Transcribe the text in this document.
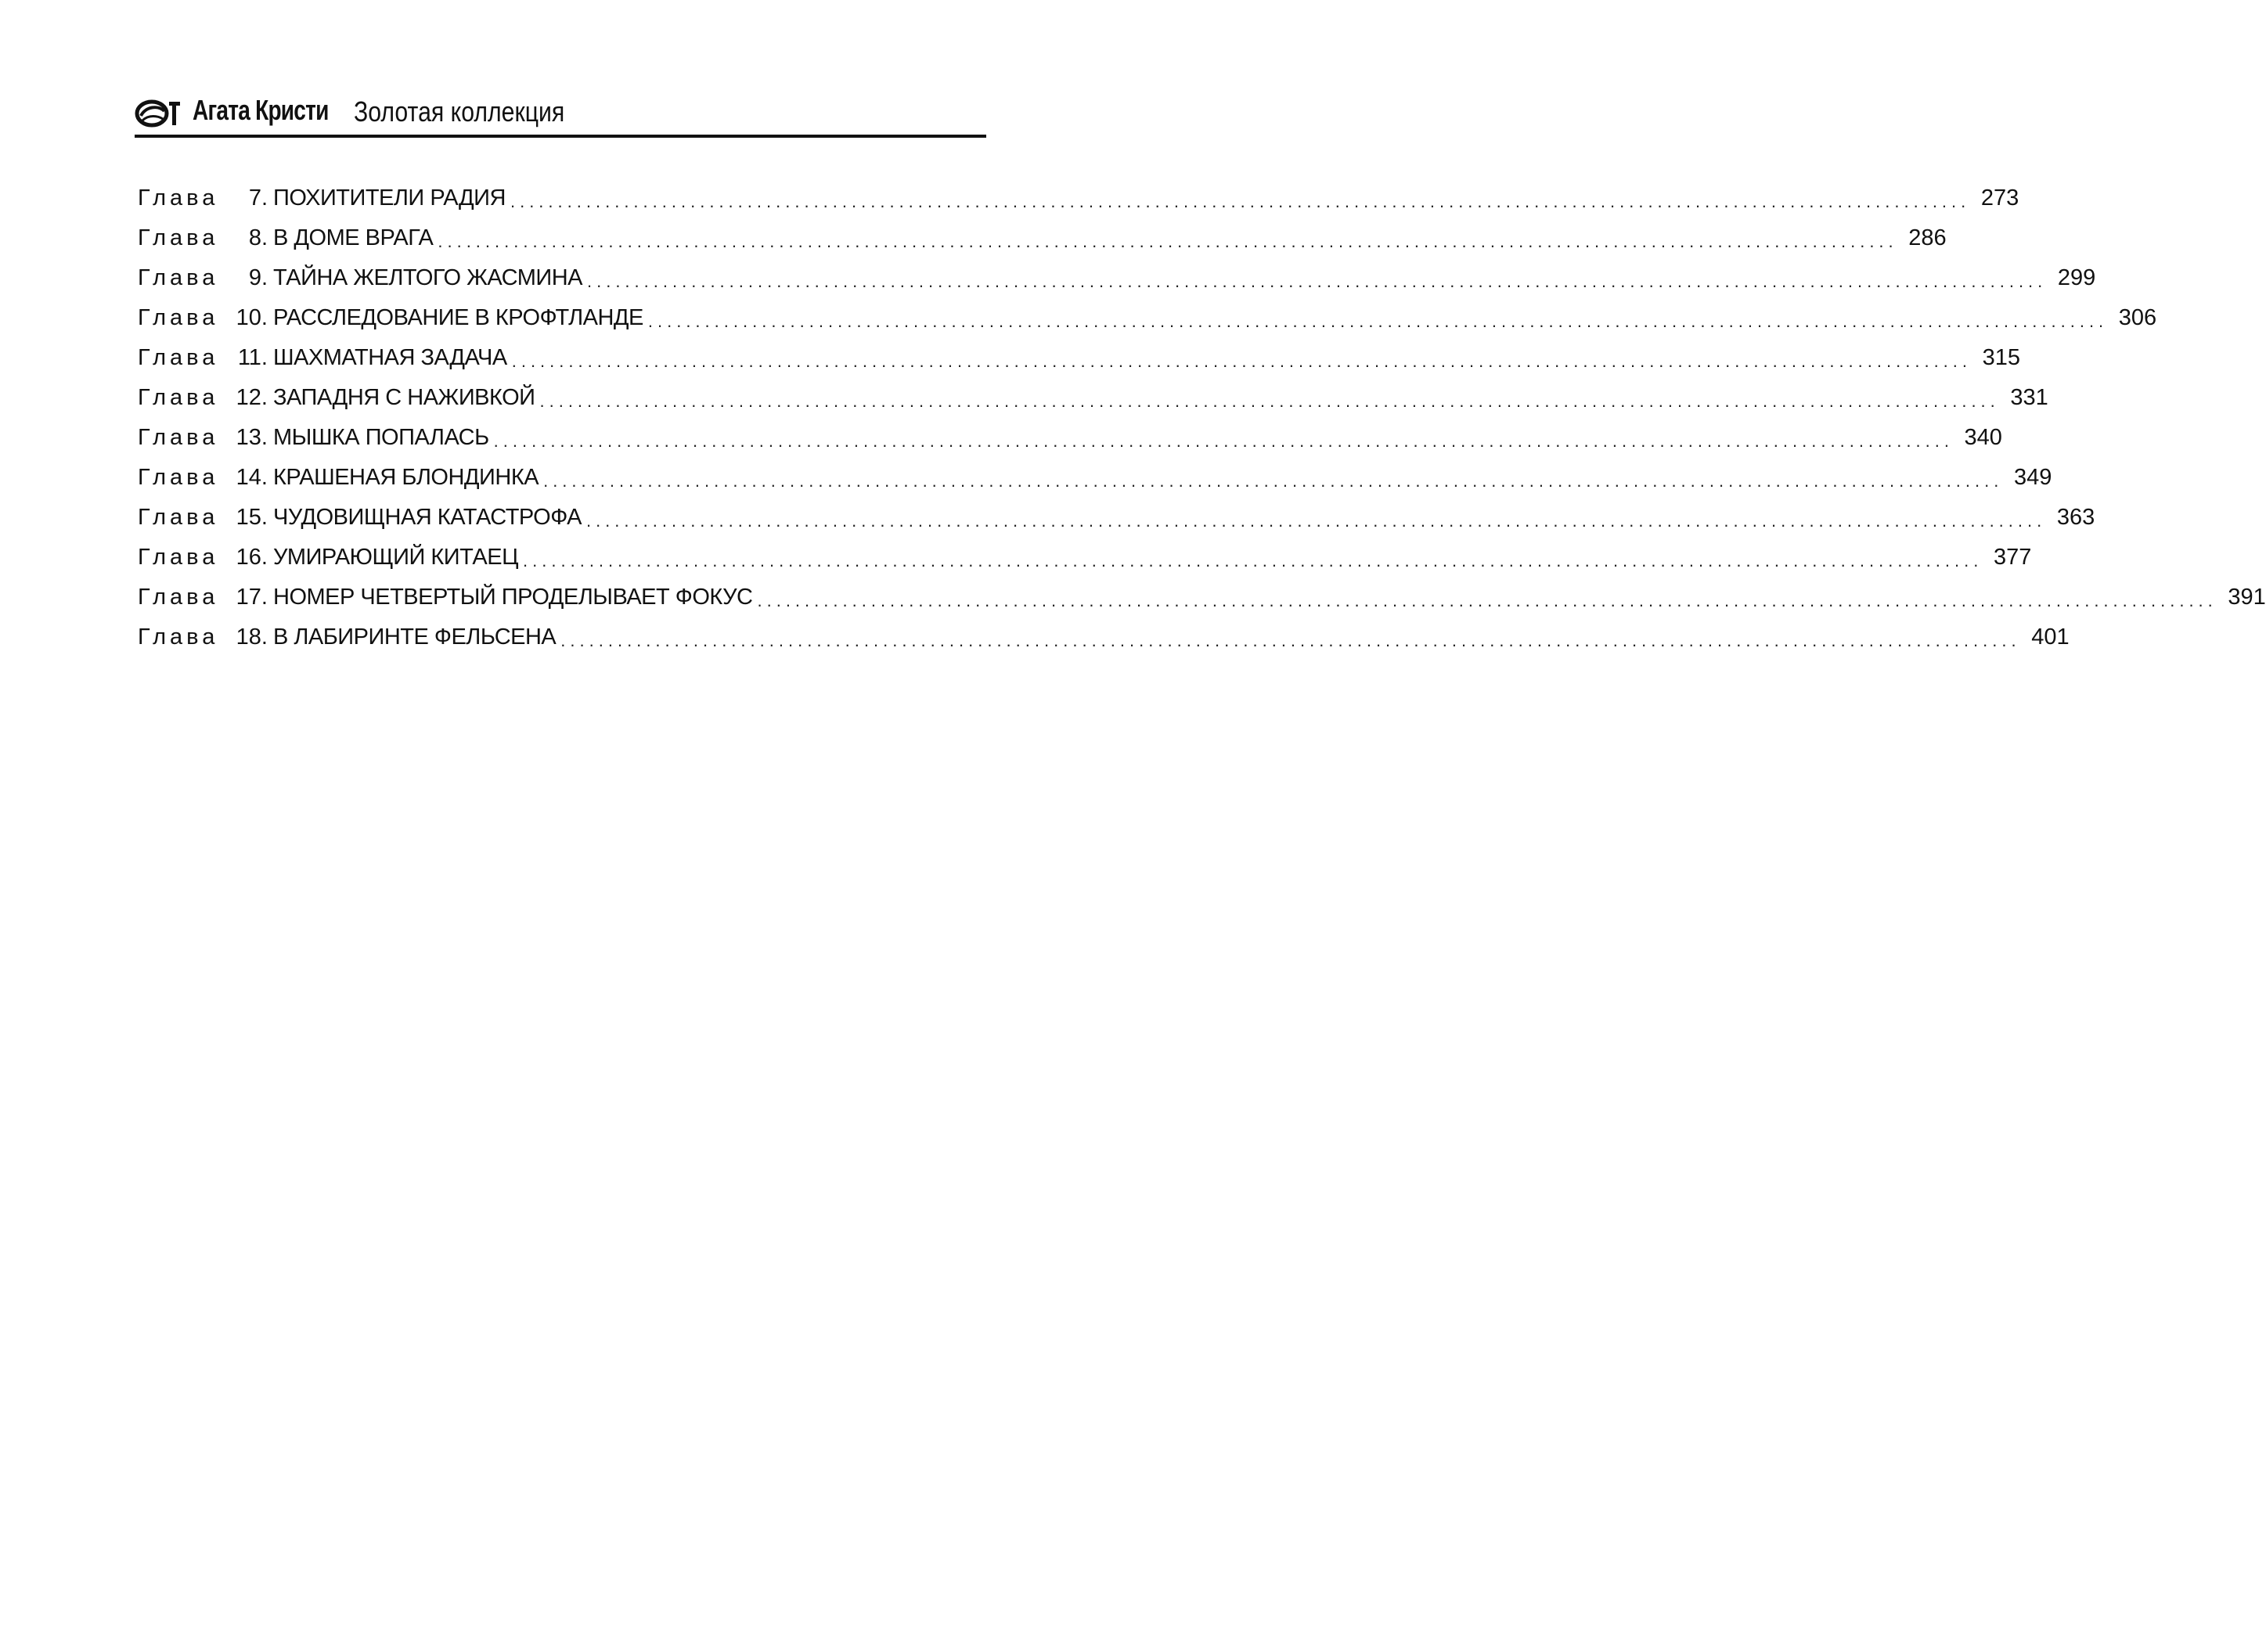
Агата Кристи Золотая коллекция
Глава	7. ПОХИТИТЕЛИ РАДИЯ .......................................................................................................................................................... 273
Глава	8. В ДОМЕ ВРАГА .......................................................................................................................................................... 286
Глава	9. ТАЙНА ЖЕЛТОГО ЖАСМИНА .......................................................................................................................................................... 299
Глава 10. РАССЛЕДОВАНИЕ В КРОФТЛАНДЕ .......................................................................................................................................................... 306
Глава 11. ШАХМАТНАЯ ЗАДАЧА .......................................................................................................................................................... 315
Глава 12. ЗАПАДНЯ С НАЖИВКОЙ .......................................................................................................................................................... 331
Глава 13. МЫШКА ПОПАЛАСЬ .......................................................................................................................................................... 340
Глава 14. КРАШЕНАЯ БЛОНДИНКА .......................................................................................................................................................... 349
Глава 15. ЧУДОВИЩНАЯ КАТАСТРОФА .......................................................................................................................................................... 363
Глава 16. УМИРАЮЩИЙ КИТАЕЦ .......................................................................................................................................................... 377
Глава 17. НОМЕР ЧЕТВЕРТЫЙ ПРОДЕЛЫВАЕТ ФОКУС .......................................................................................................................................................... 391
Глава 18. В ЛАБИРИНТЕ ФЕЛЬСЕНА .......................................................................................................................................................... 401
